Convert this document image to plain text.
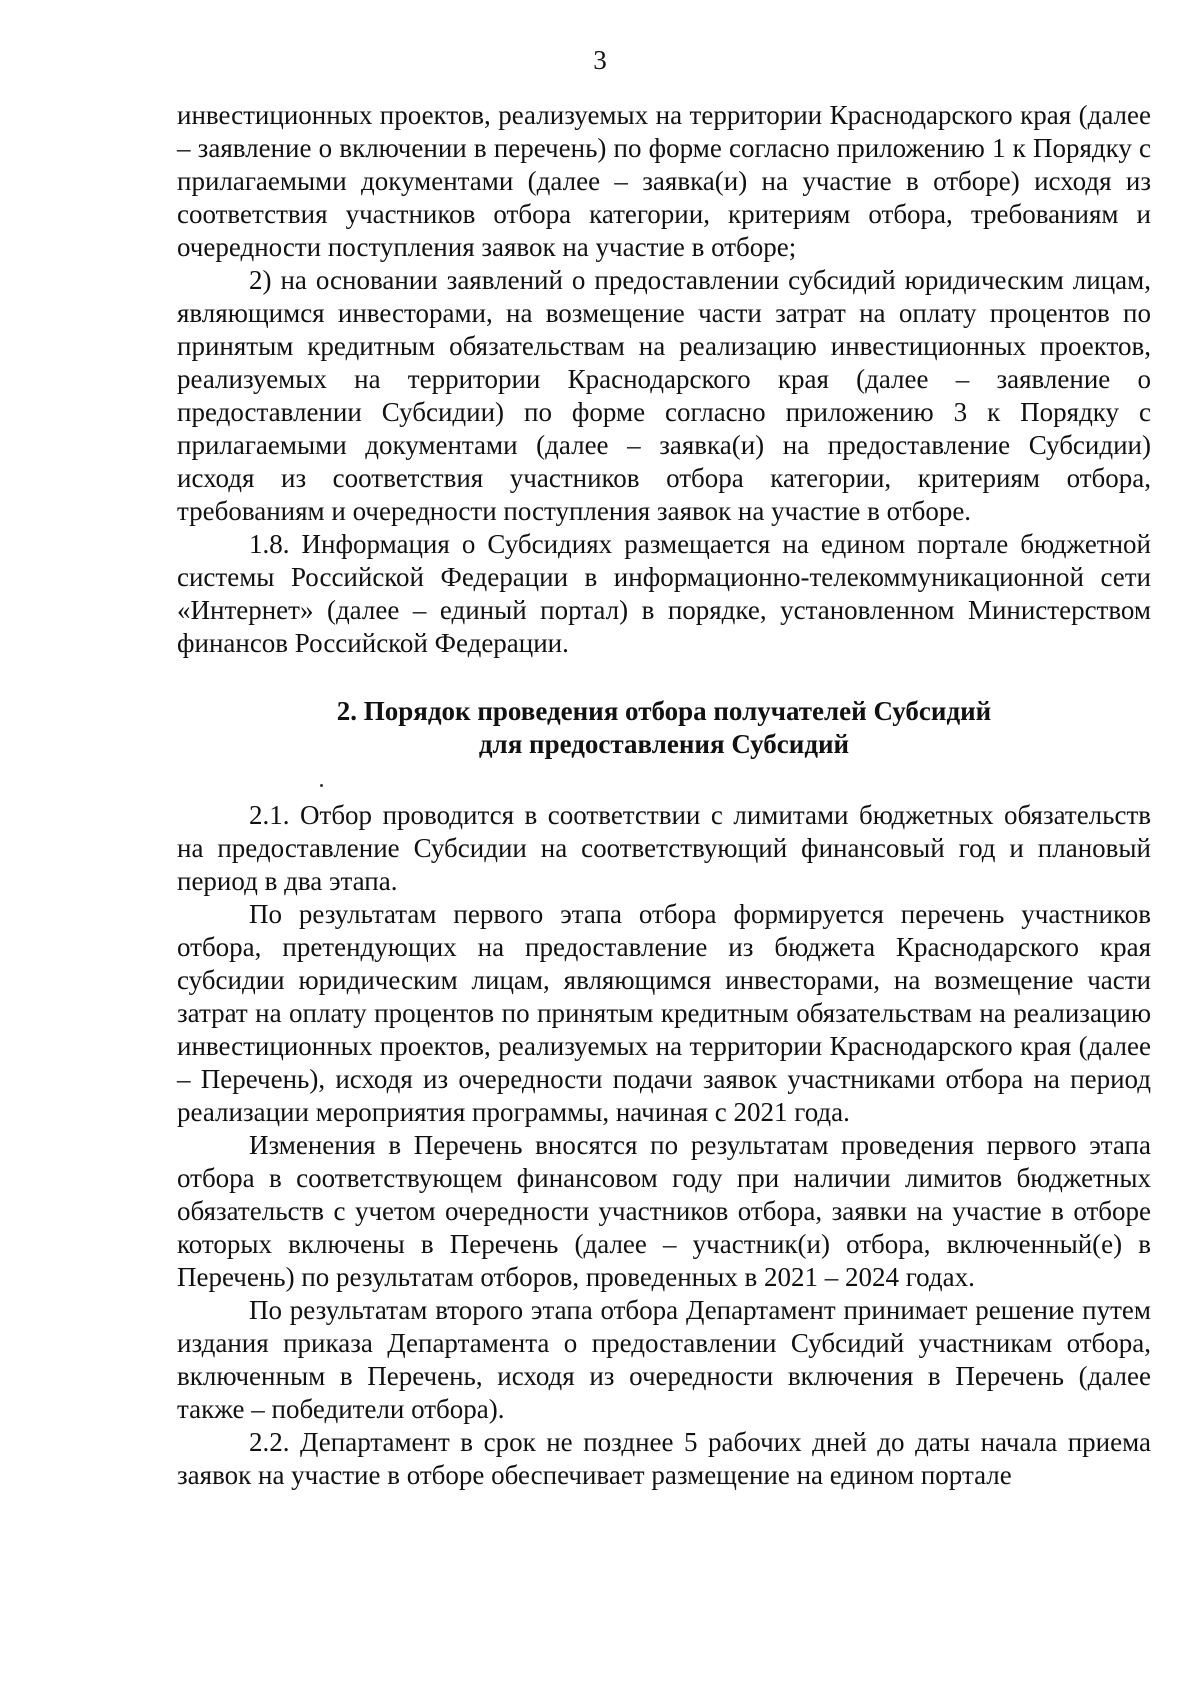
3

инвестиционных проектов, реализуемых на территории Краснодарского края (далее – заявление о включении в перечень) по форме согласно приложению 1 к Порядку с прилагаемыми документами (далее – заявка(и) на участие в отборе) исходя из соответствия участников отбора категории, критериям отбора, требованиям и очередности поступления заявок на участие в отборе;

2) на основании заявлений о предоставлении субсидий юридическим лицам, являющимся инвесторами, на возмещение части затрат на оплату процентов по принятым кредитным обязательствам на реализацию инвестиционных проектов, реализуемых на территории Краснодарского края (далее – заявление о предоставлении Субсидии) по форме согласно приложению 3 к Порядку с прилагаемыми документами (далее – заявка(и) на предоставление Субсидии) исходя из соответствия участников отбора категории, критериям отбора, требованиям и очередности поступления заявок на участие в отборе.

1.8. Информация о Субсидиях размещается на едином портале бюджетной системы Российской Федерации в информационно-телекоммуникационной сети «Интернет» (далее – единый портал) в порядке, установленном Министерством финансов Российской Федерации.

2. Порядок проведения отбора получателей Субсидий
для предоставления Субсидий

2.1. Отбор проводится в соответствии с лимитами бюджетных обязательств на предоставление Субсидии на соответствующий финансовый год и плановый период в два этапа.

По результатам первого этапа отбора формируется перечень участников отбора, претендующих на предоставление из бюджета Краснодарского края субсидии юридическим лицам, являющимся инвесторами, на возмещение части затрат на оплату процентов по принятым кредитным обязательствам на реализацию инвестиционных проектов, реализуемых на территории Краснодарского края (далее – Перечень), исходя из очередности подачи заявок участниками отбора на период реализации мероприятия программы, начиная с 2021 года.

Изменения в Перечень вносятся по результатам проведения первого этапа отбора в соответствующем финансовом году при наличии лимитов бюджетных обязательств с учетом очередности участников отбора, заявки на участие в отборе которых включены в Перечень (далее – участник(и) отбора, включенный(е) в Перечень) по результатам отборов, проведенных в 2021 – 2024 годах.

По результатам второго этапа отбора Департамент принимает решение путем издания приказа Департамента о предоставлении Субсидий участникам отбора, включенным в Перечень, исходя из очередности включения в Перечень (далее также – победители отбора).

2.2. Департамент в срок не позднее 5 рабочих дней до даты начала приема заявок на участие в отборе обеспечивает размещение на едином портале
